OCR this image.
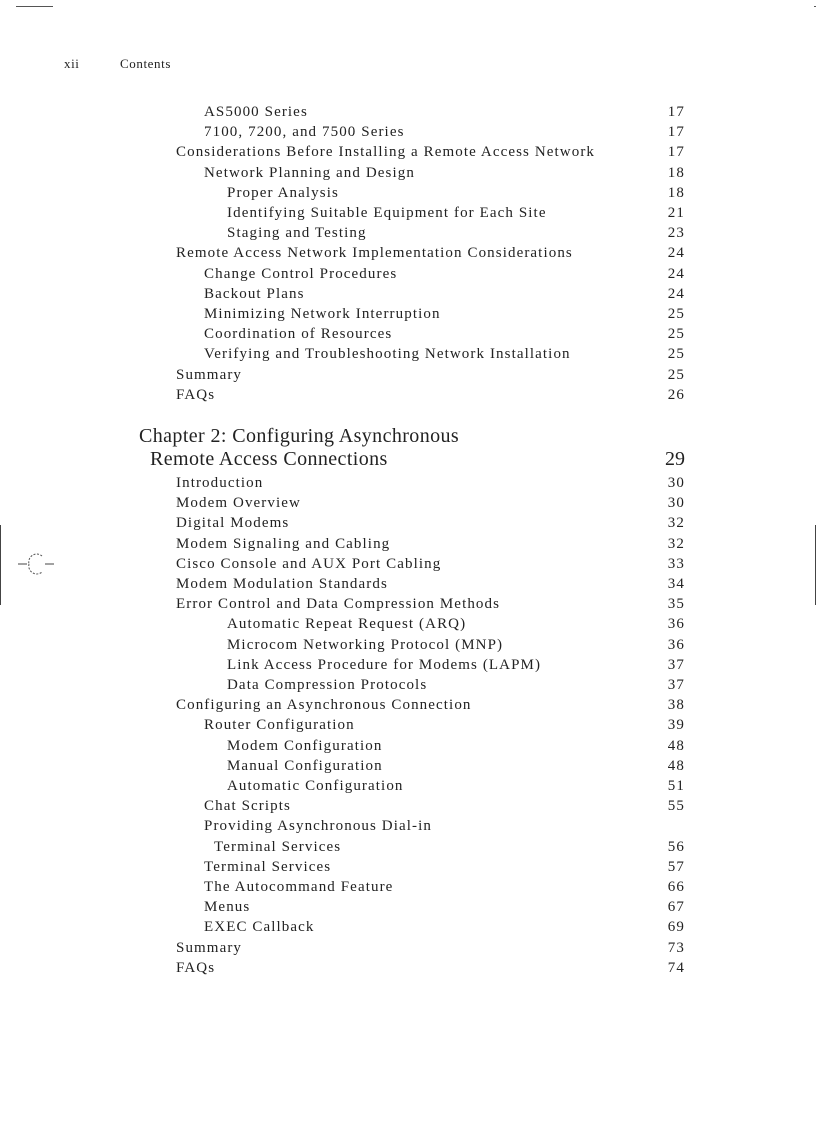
xii	Contents
AS5000 Series	17
7100, 7200, and 7500 Series	17
Considerations Before Installing a Remote Access Network	17
Network Planning and Design	18
Proper Analysis	18
Identifying Suitable Equipment for Each Site	21
Staging and Testing	23
Remote Access Network Implementation Considerations	24
Change Control Procedures	24
Backout Plans	24
Minimizing Network Interruption	25
Coordination of Resources	25
Verifying and Troubleshooting Network Installation	25
Summary	25
FAQs	26
Chapter 2: Configuring Asynchronous
Remote Access Connections	29
Introduction	30
Modem Overview	30
Digital Modems	32
Modem Signaling and Cabling	32
Cisco Console and AUX Port Cabling	33
Modem Modulation Standards	34
Error Control and Data Compression Methods	35
Automatic Repeat Request (ARQ)	36
Microcom Networking Protocol (MNP)	36
Link Access Procedure for Modems (LAPM)	37
Data Compression Protocols	37
Configuring an Asynchronous Connection	38
Router Configuration	39
Modem Configuration	48
Manual Configuration	48
Automatic Configuration	51
Chat Scripts	55
Providing Asynchronous Dial-in
Terminal Services	56
Terminal Services	57
The Autocommand Feature	66
Menus	67
EXEC Callback	69
Summary	73
FAQs	74
